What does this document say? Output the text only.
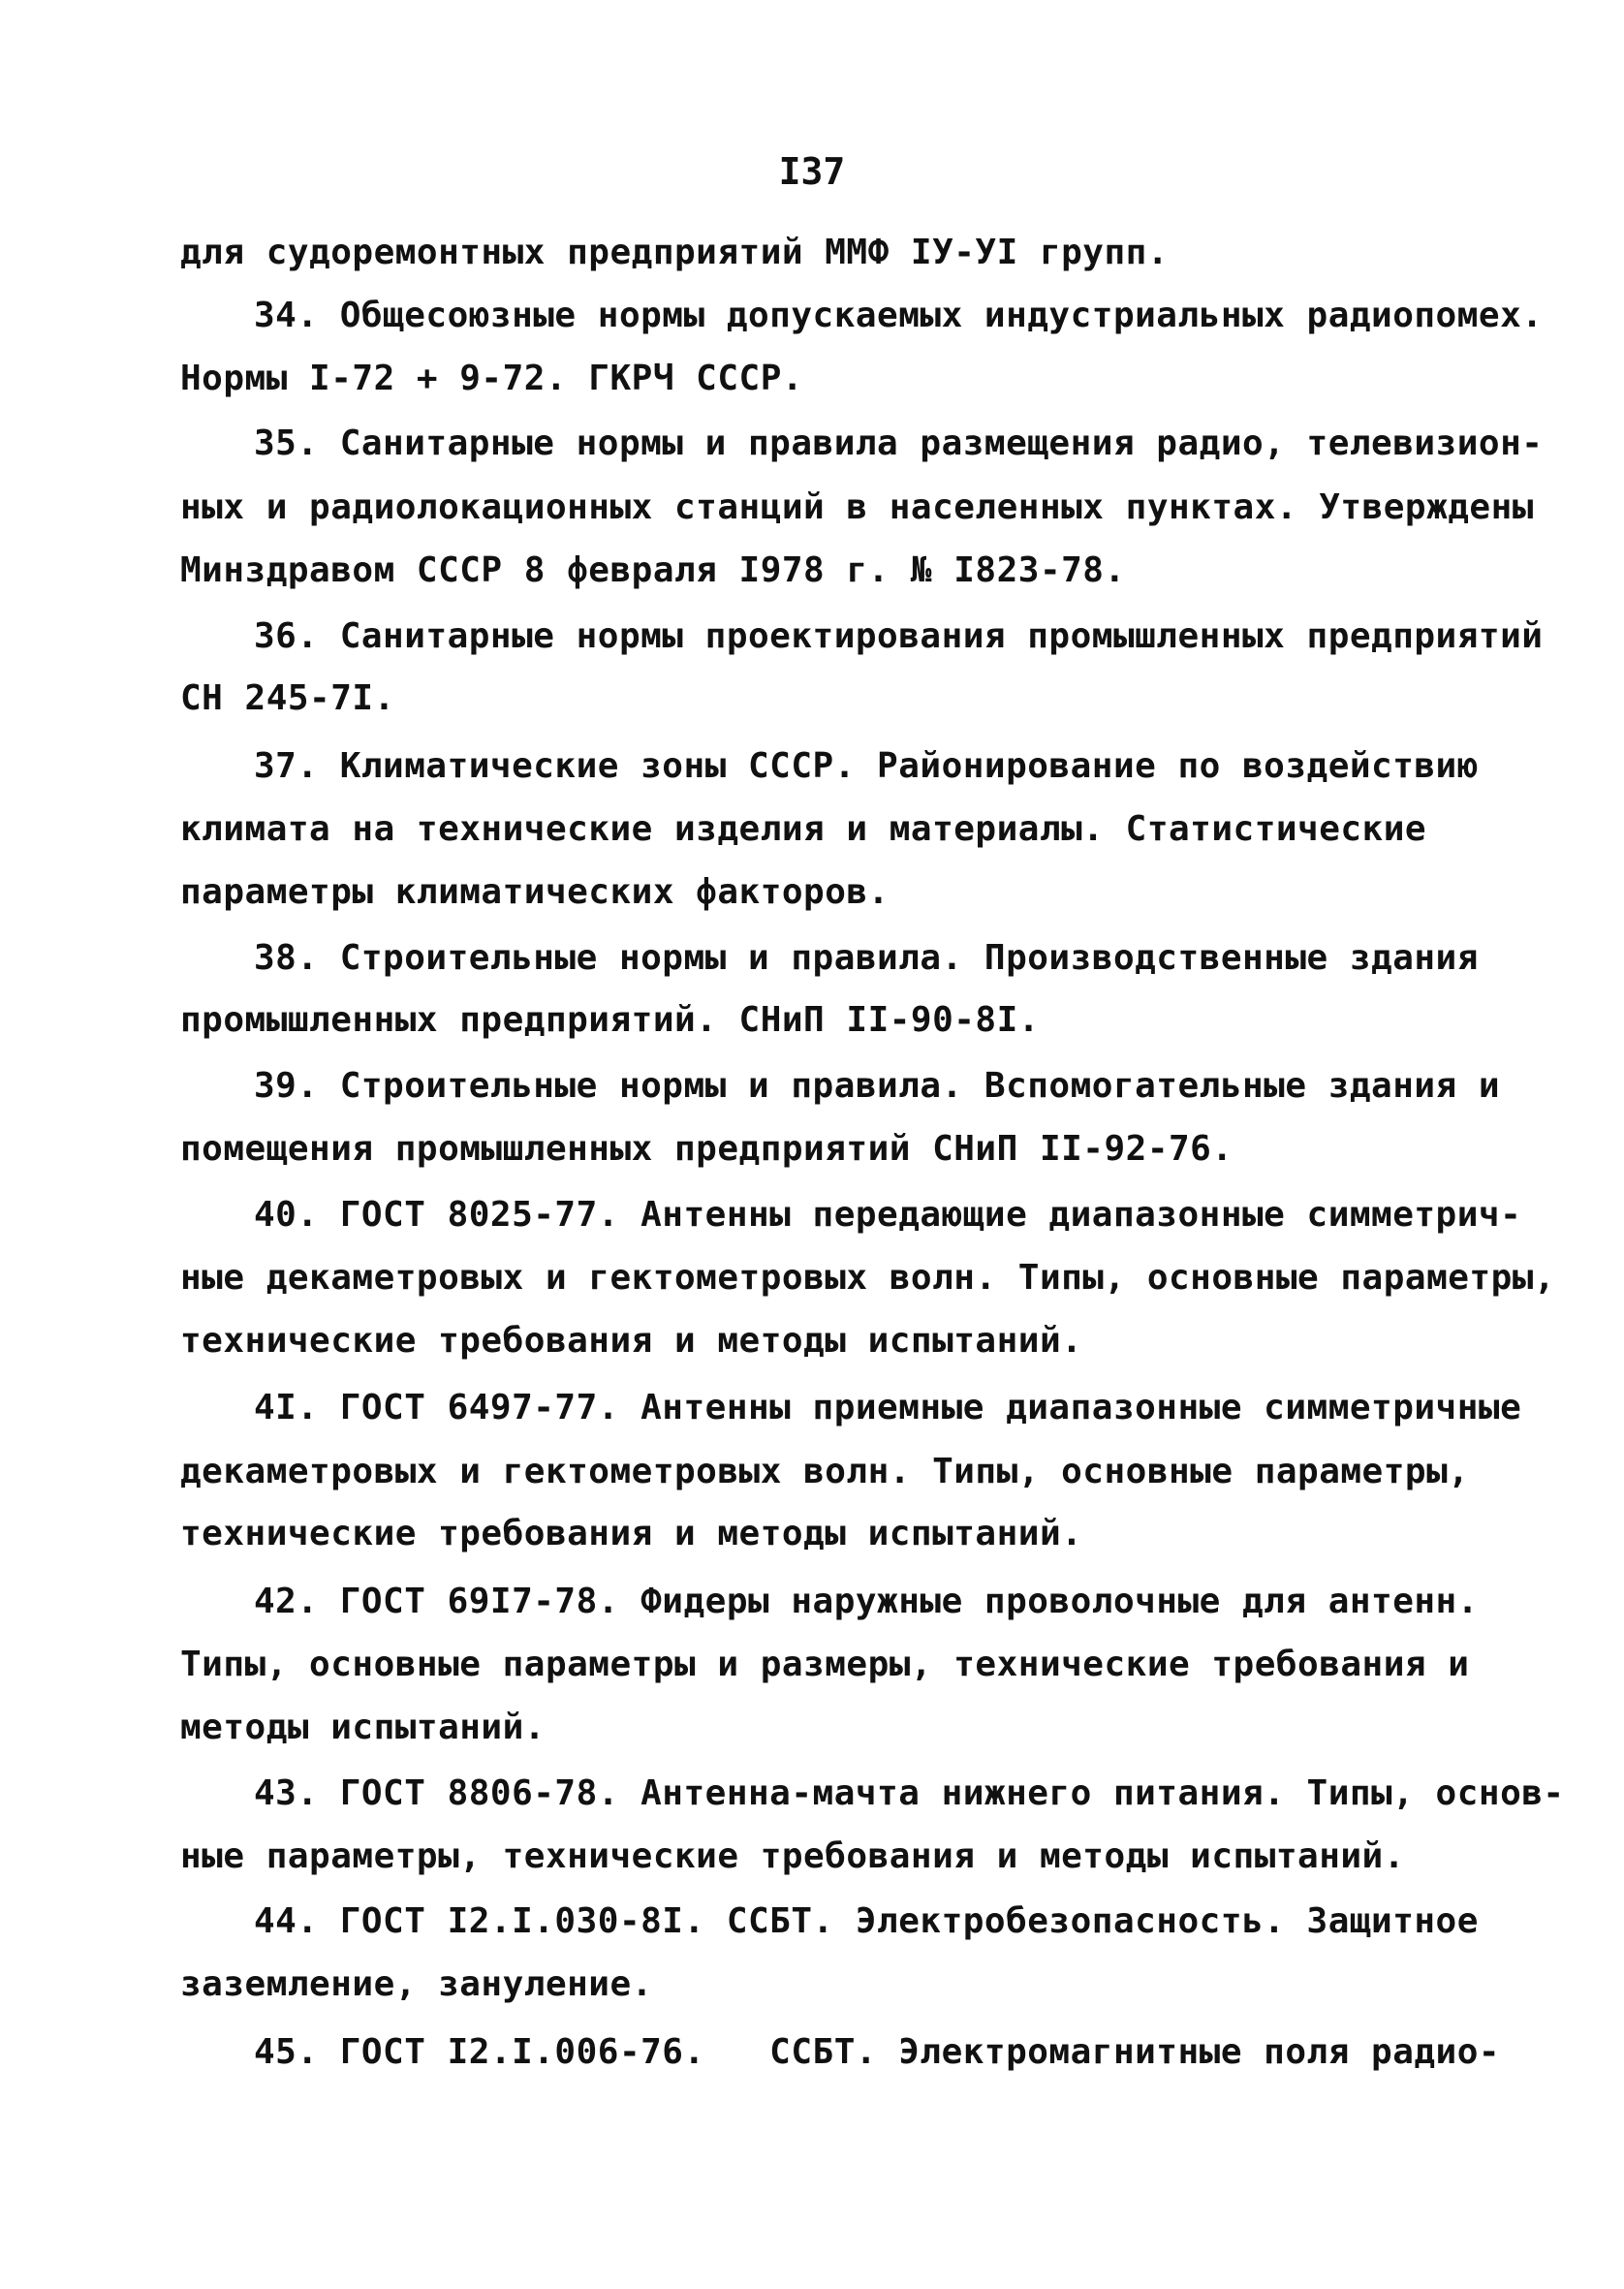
I37
для судоремонтных предприятий ММФ IУ-УI групп.
34. Общесоюзные нормы допускаемых индустриальных радиопомех.
Нормы I-72 + 9-72. ГКРЧ СССР.
35. Санитарные нормы и правила размещения радио, телевизион-
ных и радиолокационных станций в населенных пунктах. Утверждены
Минздравом СССР 8 февраля I978 г. № I823-78.
36. Санитарные нормы проектирования промышленных предприятий
СН 245-7I.
37. Климатические зоны СССР. Районирование по воздействию
климата на технические изделия и материалы. Статистические
параметры климатических факторов.
38. Строительные нормы и правила. Производственные здания
промышленных предприятий. СНиП II-90-8I.
39. Строительные нормы и правила. Вспомогательные здания и
помещения промышленных предприятий СНиП II-92-76.
40. ГОСТ 8025-77. Антенны передающие диапазонные симметрич-
ные декаметровых и гектометровых волн. Типы, основные параметры,
технические требования и методы испытаний.
4I. ГОСТ 6497-77. Антенны приемные диапазонные симметричные
декаметровых и гектометровых волн. Типы, основные параметры,
технические требования и методы испытаний.
42. ГОСТ 69I7-78. Фидеры наружные проволочные для антенн.
Типы, основные параметры и размеры, технические требования и
методы испытаний.
43. ГОСТ 8806-78. Антенна-мачта нижнего питания. Типы, основ-
ные параметры, технические требования и методы испытаний.
44. ГОСТ I2.I.030-8I. ССБТ. Электробезопасность. Защитное
заземление, зануление.
45. ГОСТ I2.I.006-76.   ССБТ. Электромагнитные поля радио-
